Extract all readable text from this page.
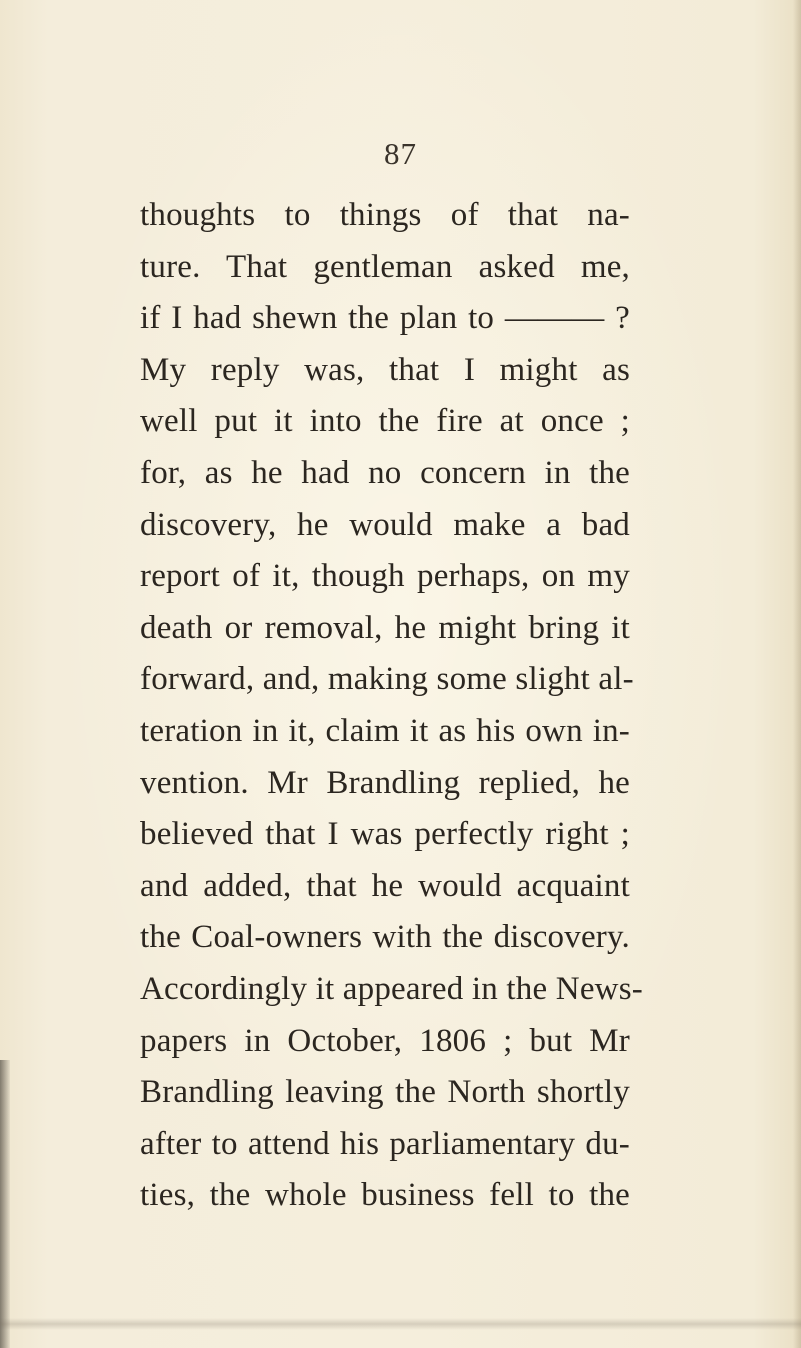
87
thoughts to things of that na-
ture. That gentleman asked me,
if I had shewn the plan to ——— ?
My reply was, that I might as
well put it into the fire at once ;
for, as he had no concern in the
discovery, he would make a bad
report of it, though perhaps, on my
death or removal, he might bring it
forward, and, making some slight al-
teration in it, claim it as his own in-
vention. Mr Brandling replied, he
believed that I was perfectly right ;
and added, that he would acquaint
the Coal-owners with the discovery.
Accordingly it appeared in the News-
papers in October, 1806 ; but Mr
Brandling leaving the North shortly
after to attend his parliamentary du-
ties, the whole business fell to the
